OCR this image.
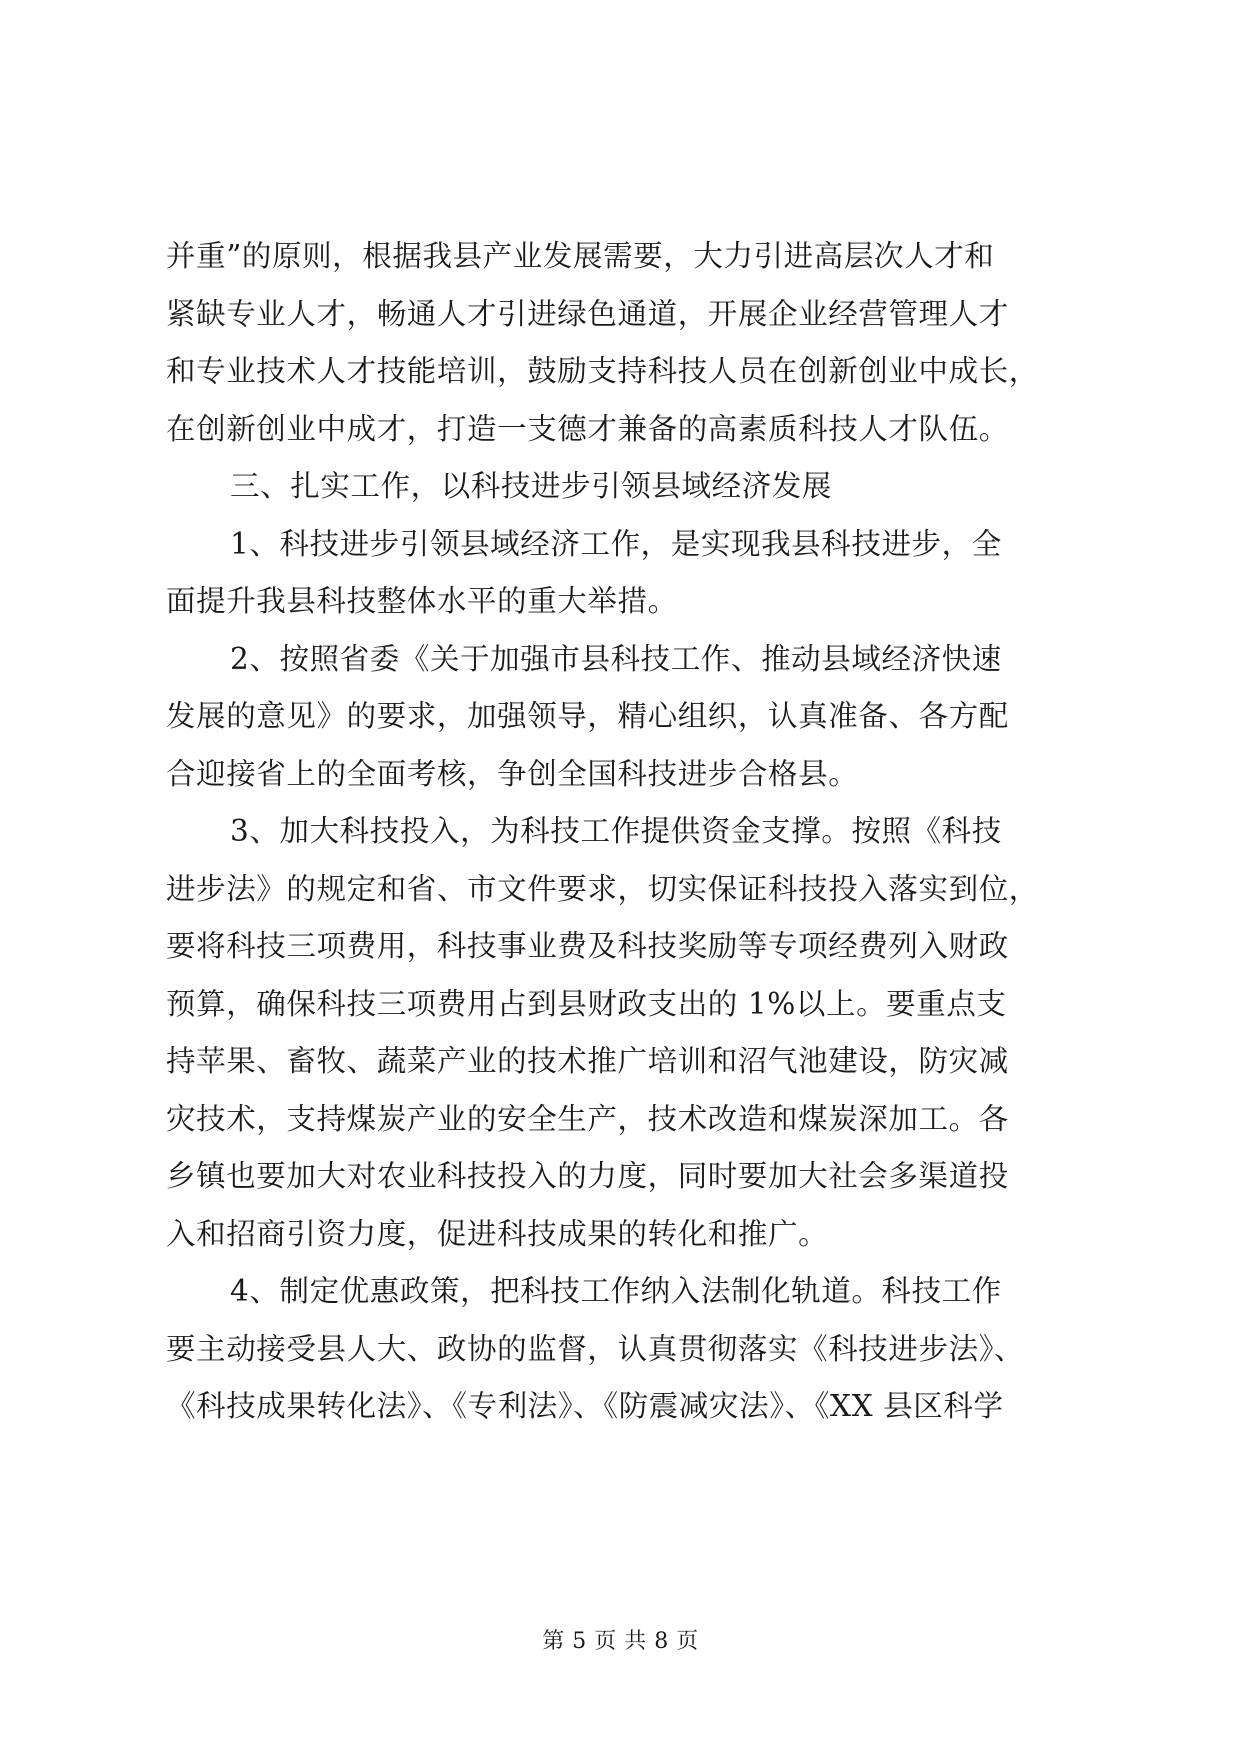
并重”的原则，根据我县产业发展需要，大力引进高层次人才和
紧缺专业人才，畅通人才引进绿色通道，开展企业经营管理人才
和专业技术人才技能培训，鼓励支持科技人员在创新创业中成长，
在创新创业中成才，打造一支德才兼备的高素质科技人才队伍。
三、扎实工作，以科技进步引领县域经济发展
1、科技进步引领县域经济工作，是实现我县科技进步，全
面提升我县科技整体水平的重大举措。
2、按照省委《关于加强市县科技工作、推动县域经济快速
发展的意见》的要求，加强领导，精心组织，认真准备、各方配
合迎接省上的全面考核，争创全国科技进步合格县。
3、加大科技投入，为科技工作提供资金支撑。按照《科技
进步法》的规定和省、市文件要求，切实保证科技投入落实到位，
要将科技三项费用，科技事业费及科技奖励等专项经费列入财政
预算，确保科技三项费用占到县财政支出的 1%以上。要重点支
持苹果、畜牧、蔬菜产业的技术推广培训和沼气池建设，防灾减
灾技术，支持煤炭产业的安全生产，技术改造和煤炭深加工。各
乡镇也要加大对农业科技投入的力度，同时要加大社会多渠道投
入和招商引资力度，促进科技成果的转化和推广。
4、制定优惠政策，把科技工作纳入法制化轨道。科技工作
要主动接受县人大、政协的监督，认真贯彻落实《科技进步法》、
《科技成果转化法》、《专利法》、《防震减灾法》、《XX 县区科学
第 5 页 共 8 页
